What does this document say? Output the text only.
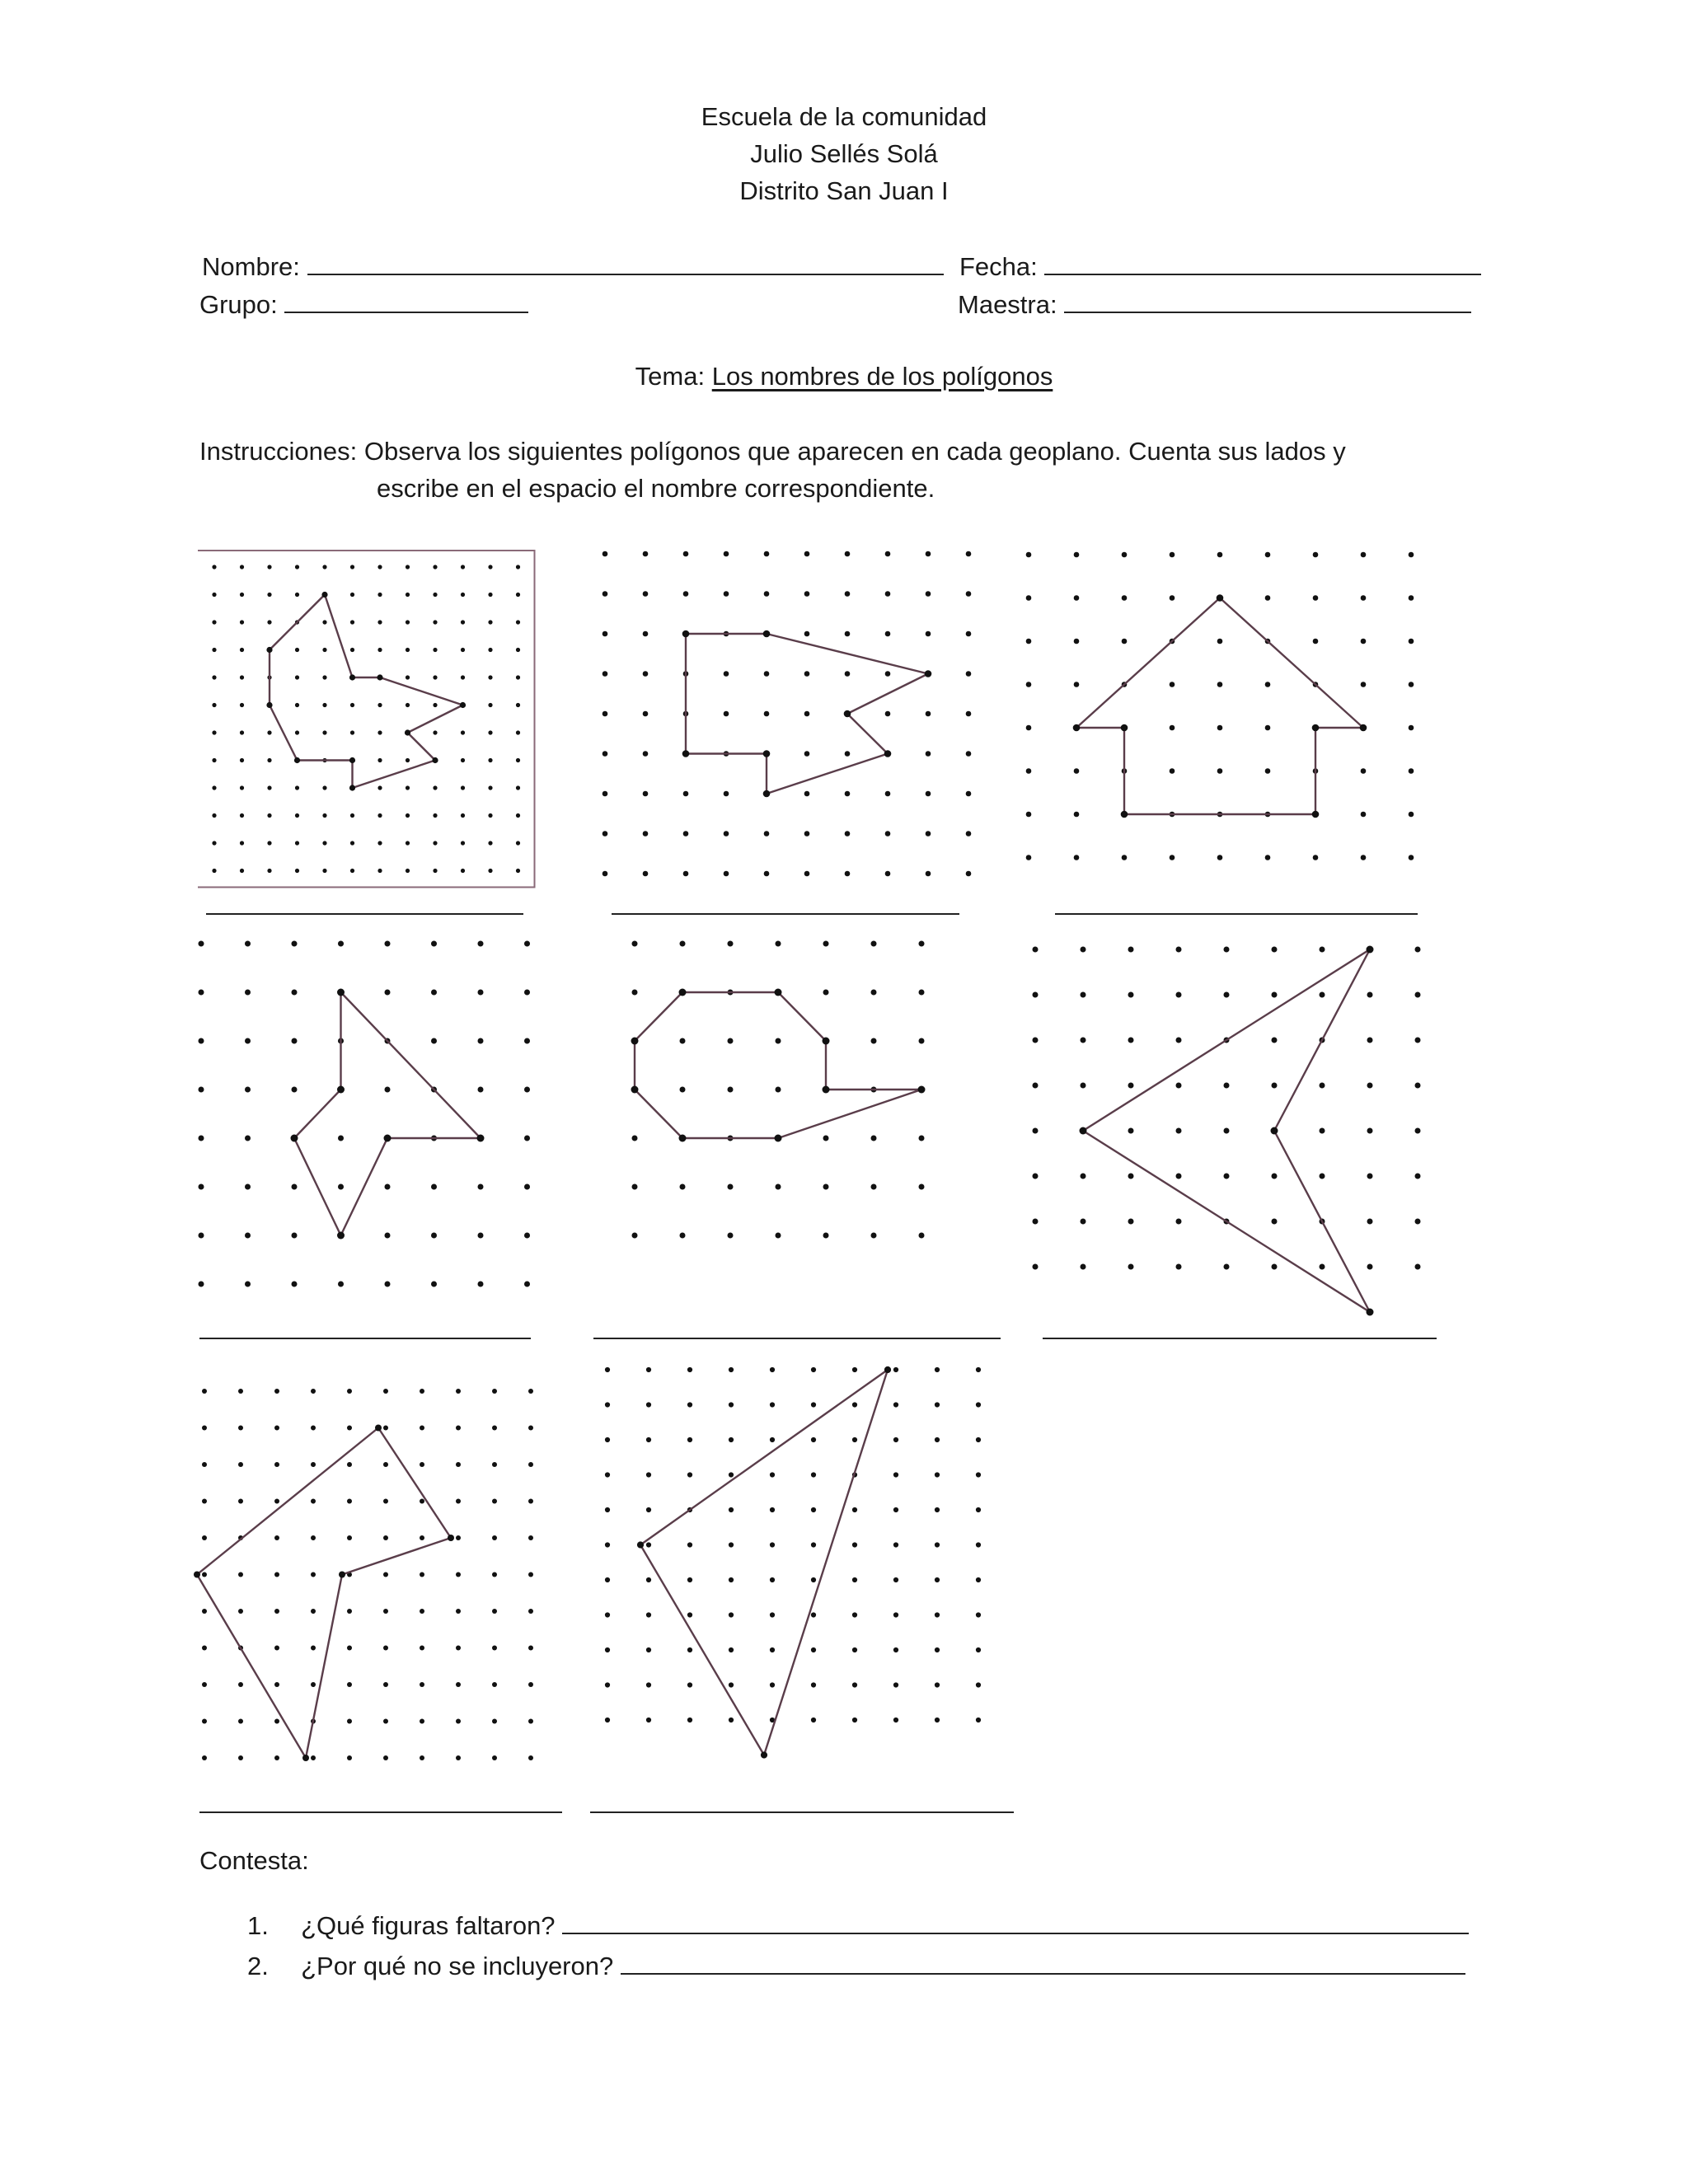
Escuela de la comunidad
Julio Sellés Solá
Distrito San Juan I
Nombre:	Fecha:
Grupo:	Maestra:
Tema: Los nombres de los polígonos
Instrucciones: Observa los siguientes polígonos que aparecen en cada geoplano. Cuenta sus lados y
escribe en el espacio el nombre correspondiente.
Contesta:
1. ¿Qué figuras faltaron?
2. ¿Por qué no se incluyeron?
